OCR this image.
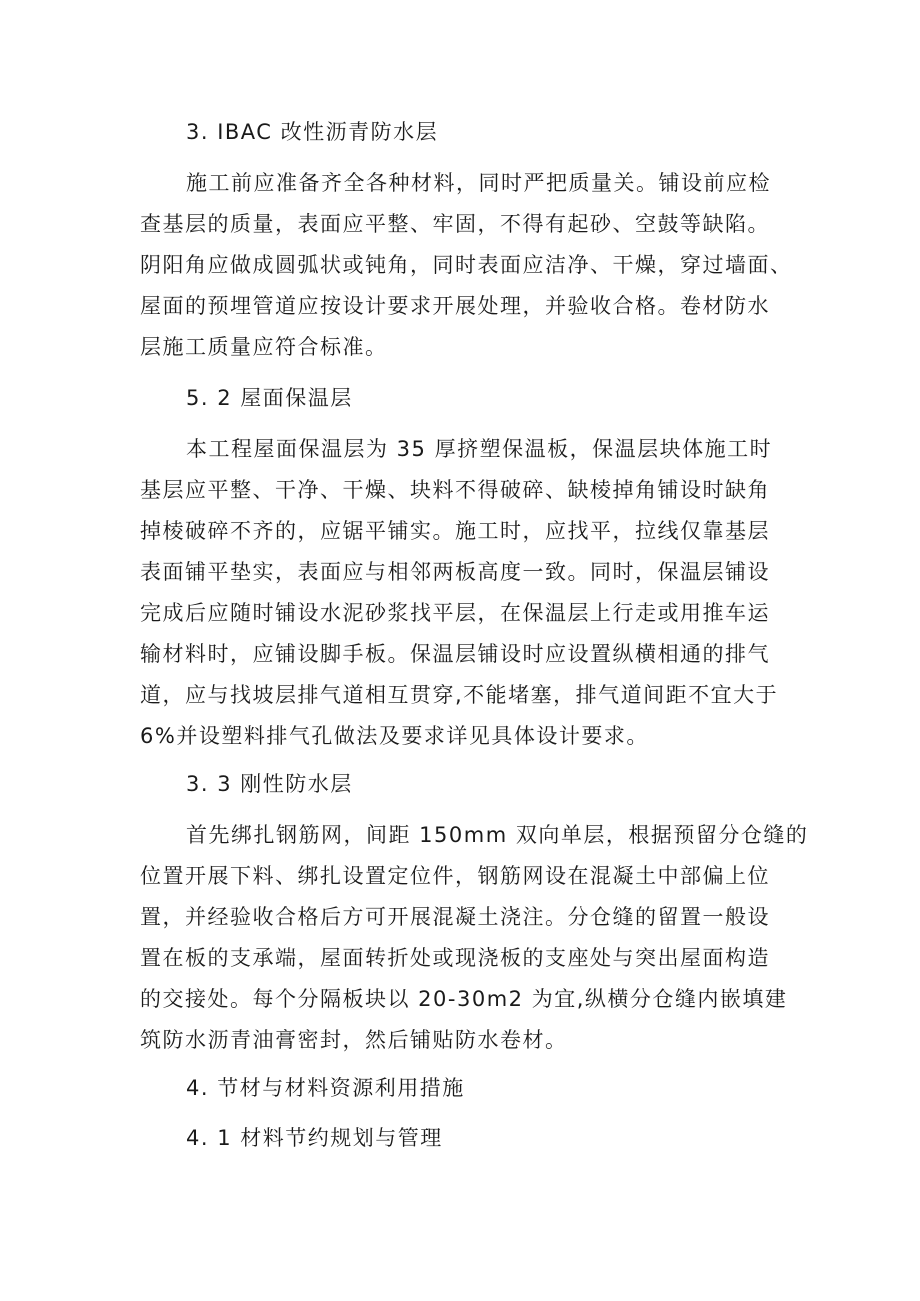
3. IBAC 改性沥青防水层
施工前应准备齐全各种材料，同时严把质量关。铺设前应检
查基层的质量，表面应平整、牢固，不得有起砂、空鼓等缺陷。
阴阳角应做成圆弧状或钝角，同时表面应洁净、干燥，穿过墙面、
屋面的预埋管道应按设计要求开展处理，并验收合格。卷材防水
层施工质量应符合标准。
5. 2 屋面保温层
本工程屋面保温层为 35 厚挤塑保温板，保温层块体施工时
基层应平整、干净、干燥、块料不得破碎、缺棱掉角铺设时缺角
掉棱破碎不齐的，应锯平铺实。施工时，应找平，拉线仅靠基层
表面铺平垫实，表面应与相邻两板高度一致。同时，保温层铺设
完成后应随时铺设水泥砂浆找平层，在保温层上行走或用推车运
输材料时，应铺设脚手板。保温层铺设时应设置纵横相通的排气
道，应与找坡层排气道相互贯穿,不能堵塞，排气道间距不宜大于
6%并设塑料排气孔做法及要求详见具体设计要求。
3. 3 刚性防水层
首先绑扎钢筋网，间距 150mm 双向单层，根据预留分仓缝的
位置开展下料、绑扎设置定位件，钢筋网设在混凝土中部偏上位
置，并经验收合格后方可开展混凝土浇注。分仓缝的留置一般设
置在板的支承端，屋面转折处或现浇板的支座处与突出屋面构造
的交接处。每个分隔板块以 20-30m2 为宜,纵横分仓缝内嵌填建
筑防水沥青油膏密封，然后铺贴防水卷材。
4. 节材与材料资源利用措施
4. 1 材料节约规划与管理
